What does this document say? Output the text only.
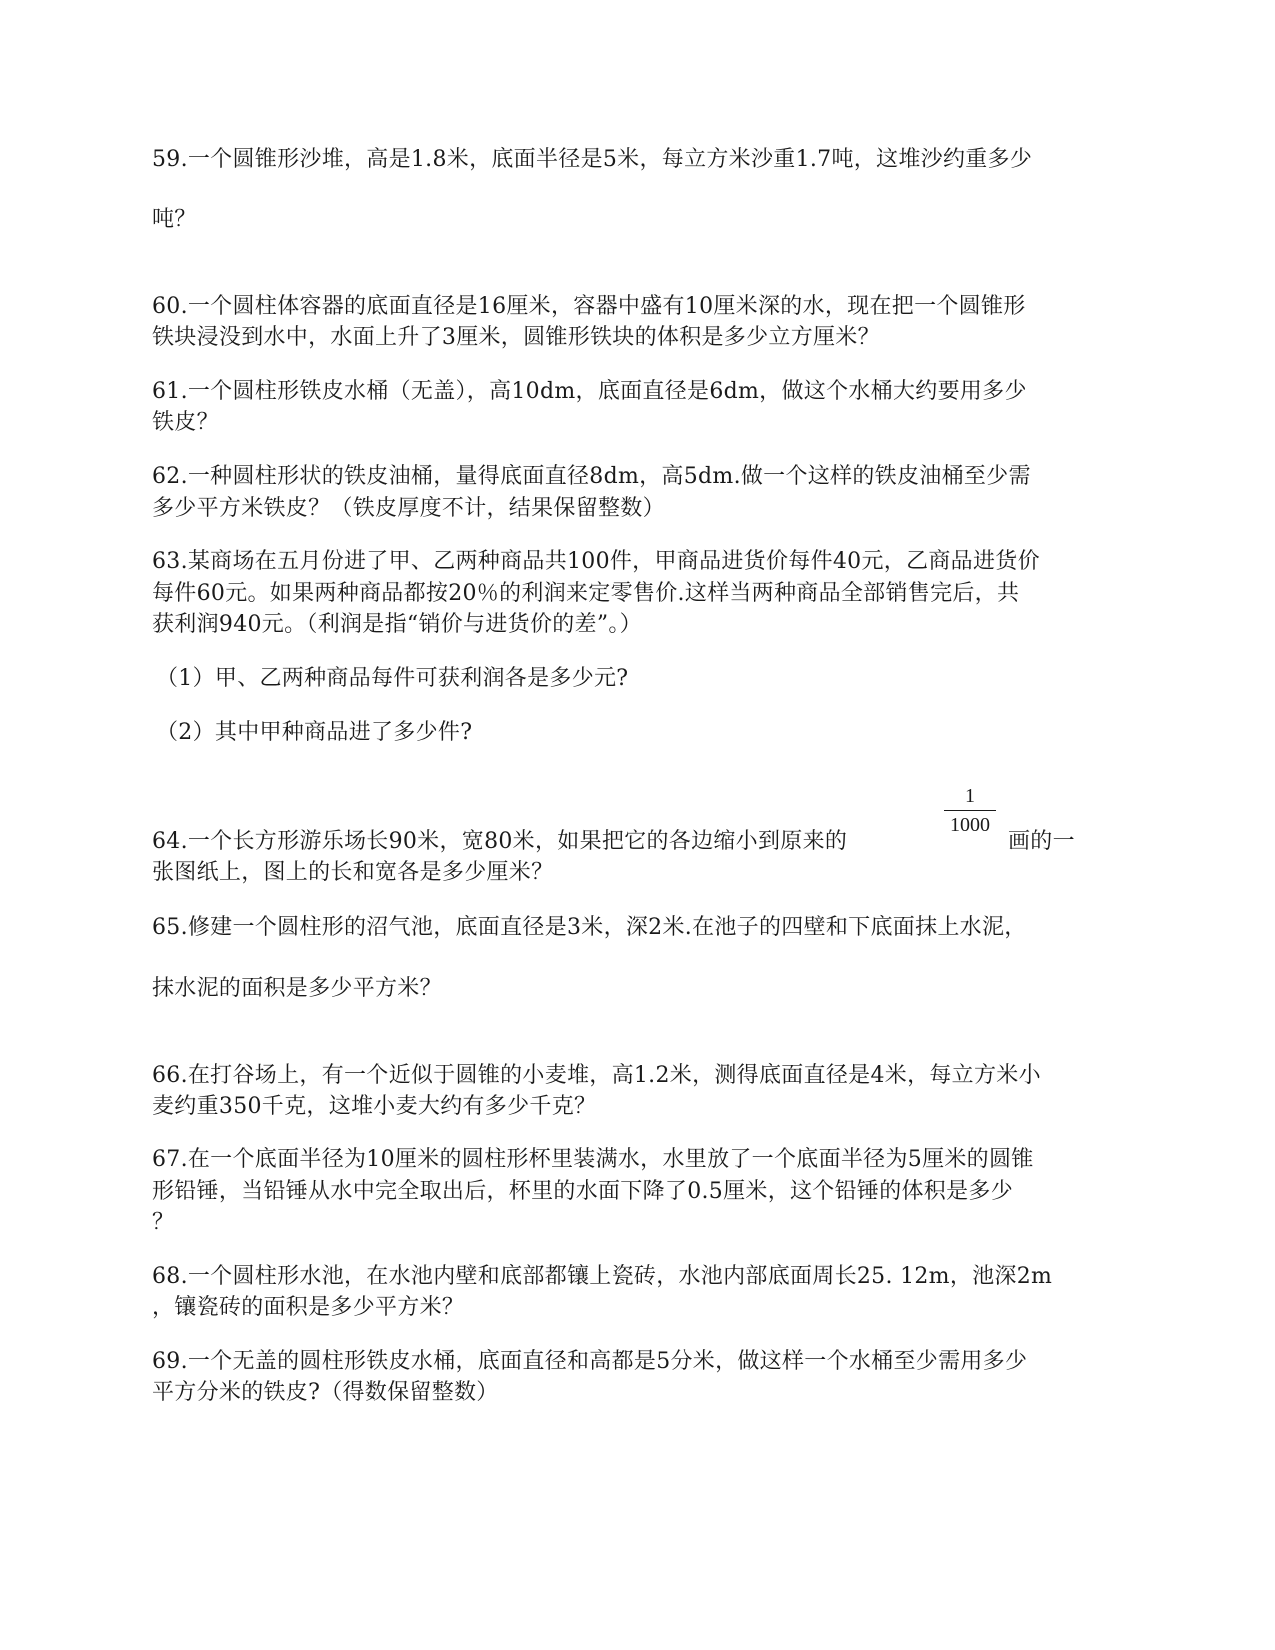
59.一个圆锥形沙堆，高是1.8米，底面半径是5米，每立方米沙重1.7吨，这堆沙约重多少
吨？
60.一个圆柱体容器的底面直径是16厘米，容器中盛有10厘米深的水，现在把一个圆锥形
铁块浸没到水中，水面上升了3厘米，圆锥形铁块的体积是多少立方厘米？
61.一个圆柱形铁皮水桶（无盖），高10dm，底面直径是6dm，做这个水桶大约要用多少
铁皮？
62.一种圆柱形状的铁皮油桶，量得底面直径8dm，高5dm.做一个这样的铁皮油桶至少需
多少平方米铁皮？（铁皮厚度不计，结果保留整数）
63.某商场在五月份进了甲、乙两种商品共100件，甲商品进货价每件40元，乙商品进货价
每件60元。如果两种商品都按20％的利润来定零售价.这样当两种商品全部销售完后，共
获利润940元。（利润是指“销价与进货价的差”。）
（1）甲、乙两种商品每件可获利润各是多少元?
（2）其中甲种商品进了多少件?
64.一个长方形游乐场长90米，宽80米，如果把它的各边缩小到原来的
1
1000
画的一
张图纸上，图上的长和宽各是多少厘米？
65.修建一个圆柱形的沼气池，底面直径是3米，深2米.在池子的四壁和下底面抹上水泥，
抹水泥的面积是多少平方米？
66.在打谷场上，有一个近似于圆锥的小麦堆，高1.2米，测得底面直径是4米，每立方米小
麦约重350千克，这堆小麦大约有多少千克？
67.在一个底面半径为10厘米的圆柱形杯里装满水，水里放了一个底面半径为5厘米的圆锥
形铅锤，当铅锤从水中完全取出后，杯里的水面下降了0.5厘米，这个铅锤的体积是多少
？
68.一个圆柱形水池，在水池内壁和底部都镶上瓷砖，水池内部底面周长25. 12m，池深2m
，镶瓷砖的面积是多少平方米？
69.一个无盖的圆柱形铁皮水桶，底面直径和高都是5分米，做这样一个水桶至少需用多少
平方分米的铁皮?（得数保留整数）
